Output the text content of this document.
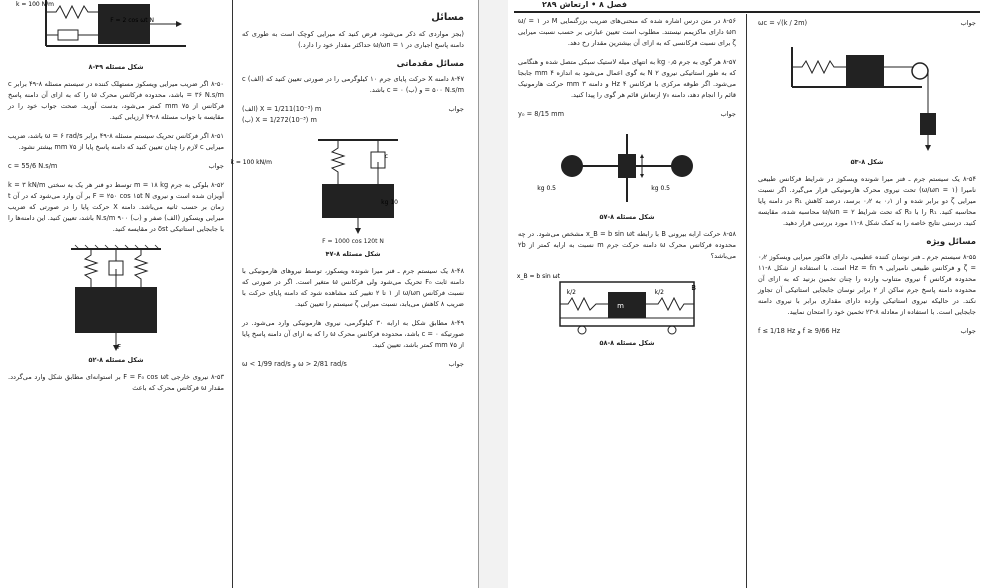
k = 100 N/m
F = 2 cos ωt N
شکل مسئله ۴۹-۸

۸-۵۰ اگر ضریب میرایی ویسکوز مستهلک کننده در سیستم مسئله ۸-۴۹ برابر c = ۳۶ N.s/m باشد، محدوده فرکانس محرک ω را که به ازای آن دامنه پاسخ فرکانس از ۷۵ mm کمتر می‌شود، بدست آورید. صحت جواب خود را در مقایسه با جواب مسئله ۸-۴۹ ارزیابی کنید.

۸-۵۱ اگر فرکانس تحریک سیستم مسئله ۸-۴۹ برابر ω = ۶ rad/s باشد، ضریب میرایی c لازم را چنان تعیین کنید که دامنه پاسخ پایا از ۷۵ mm بیشتر نشود.

جواب
c = 55/6 N.s/m

۸-۵۲ بلوکی به جرم m = ۱۸ kg توسط دو فنر هر یک به سختی k = ۳ kN/m آویزان شده است و نیروی F = ۲۵۰ cos ۱۵t N بر آن وارد می‌شود که در آن t زمان بر حسب ثانیه می‌باشد. دامنه X حرکت پایا را در صورتی که ضریب میرایی ویسکوز (الف) صفر و (ب) ۹۰۰ N.s/m باشد، تعیین کنید. این دامنه‌ها را با جابجایی استاتیکی δst در مقایسه کنید.

F
شکل مسئله ۸-۵۲

۸-۵۳ نیروی خارجی F = F₀ cos ωt بر استوانه‌ای مطابق شکل وارد می‌گردد. مقدار ω فرکانس محرک که باعث

مسائل

(بجز مواردی که ذکر می‌شود، فرض کنید که میرایی کوچک است به طوری که دامنه پاسخ اجباری در ۱ = ω/ωn حداکثر مقدار خود را دارد.)

مسائل مقدماتی

۸-۴۷ دامنه X حرکت پایای جرم ۱۰ کیلوگرمی را در صورتی تعیین کنید که (الف) c = ۵۰۰ N.s/m و (ب) c = ۰ باشد.

جواب
(الف) X = 1/211(10⁻³) m
(ب) X = 1/272(10⁻³) m
k = 100 kN/m
c
10 kg
F = 1000 cos 120t N
شکل مسئله ۸-۴۷

۸-۴۸ یک سیستم جرم ـ فنر میرا شونده ویسکوز، توسط نیروهای هارمونیکی با دامنه ثابت F₀ تحریک می‌شود ولی فرکانس ω متغیر است. اگر در صورتی که نسبت فرکانس ω/ωn از ۱ تا ۲ تغییر کند مشاهده شود که دامنه پایای حرکت با ضریب ۸ کاهش می‌یابد، نسبت میرایی ζ سیستم را تعیین کنید.

۸-۴۹ مطابق شکل به ارابه ۳۰ کیلوگرمی، نیروی هارمونیکی وارد می‌شود. در صورتیکه c = ۰ باشد، محدوده فرکانس محرک ω را که به ازای آن دامنه پاسخ پایا از ۷۵ mm کمتر باشد، تعیین کنید.

جواب
ω < 1/99 rad/s و ω > 2/81 rad/s
فصل ۸ • ارتعاش ۲۸۹

۸-۵۶ در متن درس اشاره شده که منحنی‌های ضریب بزرگنمایی M در ۱ = ω/ωn دارای ماکزیمم نیستند. مطلوب است تعیین عبارتی بر حسب نسبت میرایی ζ برای نسبت فرکانسی که به ازای آن بیشترین مقدار رخ دهد.

۸-۵۷ هر گوی به جرم ۰٫۵ kg به انتهای میله لاستیک سبکی متصل شده و هنگامی که به طور استاتیکی نیروی ۲ N به گوی اعمال می‌شود به اندازه ۴ mm جابجا می‌شود. اگر طوقه مرکزی با فرکانس ۴ Hz و دامنه ۳ mm حرکت هارمونیک قائم را انجام دهد، دامنه y₀ ارتعاش قائم هر گوی را پیدا کنید.

جواب
y₀ = 8/15 mm
0.5 kg	0.5 kg
شکل مسئله ۸-۵۷

۸-۵۸ حرکت ارابه بیرونی B با رابطه x_B = b sin ωt مشخص می‌شود. در چه محدوده فرکانس محرک ω دامنه حرکت جرم m نسبت به ارابه کمتر از ۲b می‌باشد؟

x_B = b sin ωt
k/2	k/2
m
B
شکل مسئله ۸-۵۸
جواب
ωc = √(k / 2m)
شکل ۸-۵۳

۸-۵۴ یک سیستم جرم ـ فنر میرا شونده ویسکوز در شرایط فرکانس طبیعی نامیرا (۱ = ω/ωn) تحت نیروی محرک هارمونیکی قرار می‌گیرد. اگر نسبت میرایی ζ دو برابر شده و از ۰٫۱ به ۰٫۲ برسد، درصد کاهش R₁ در دامنه پایا محاسبه کنید. R₁ را با R₂ که تحت شرایط ۲ = ω/ωn محاسبه شده، مقایسه کنید. درستی نتایج خاصه را به کمک شکل ۸-۱۱ مورد بررسی قرار دهید.

مسائل ویژه

۸-۵۵ سیستم جرم ـ فنر نوسان کننده عظیمی، دارای فاکتور میرایی ویسکوز ۰٫۲ = ζ و فرکانس طبیعی نامیرایی ۹ Hz = fn است. با استفاده از شکل ۸-۱۱ محدوده فرکانس f نیروی متناوب وارده را چنان تخمین بزنید که به ازای آن محدوده دامنه پاسخ جرم ساکن از ۲ برابر نوسان جابجایی استاتیکی آن تجاوز نکند. در حالیکه نیروی استاتیکی وارده دارای مقداری برابر با نیروی دامنه جابجایی است. با استفاده از معادله ۸-۲۳ تخمین خود را امتحان نمایید.

جواب
f ≤ 1/18 Hz و f ≥ 9/66 Hz
